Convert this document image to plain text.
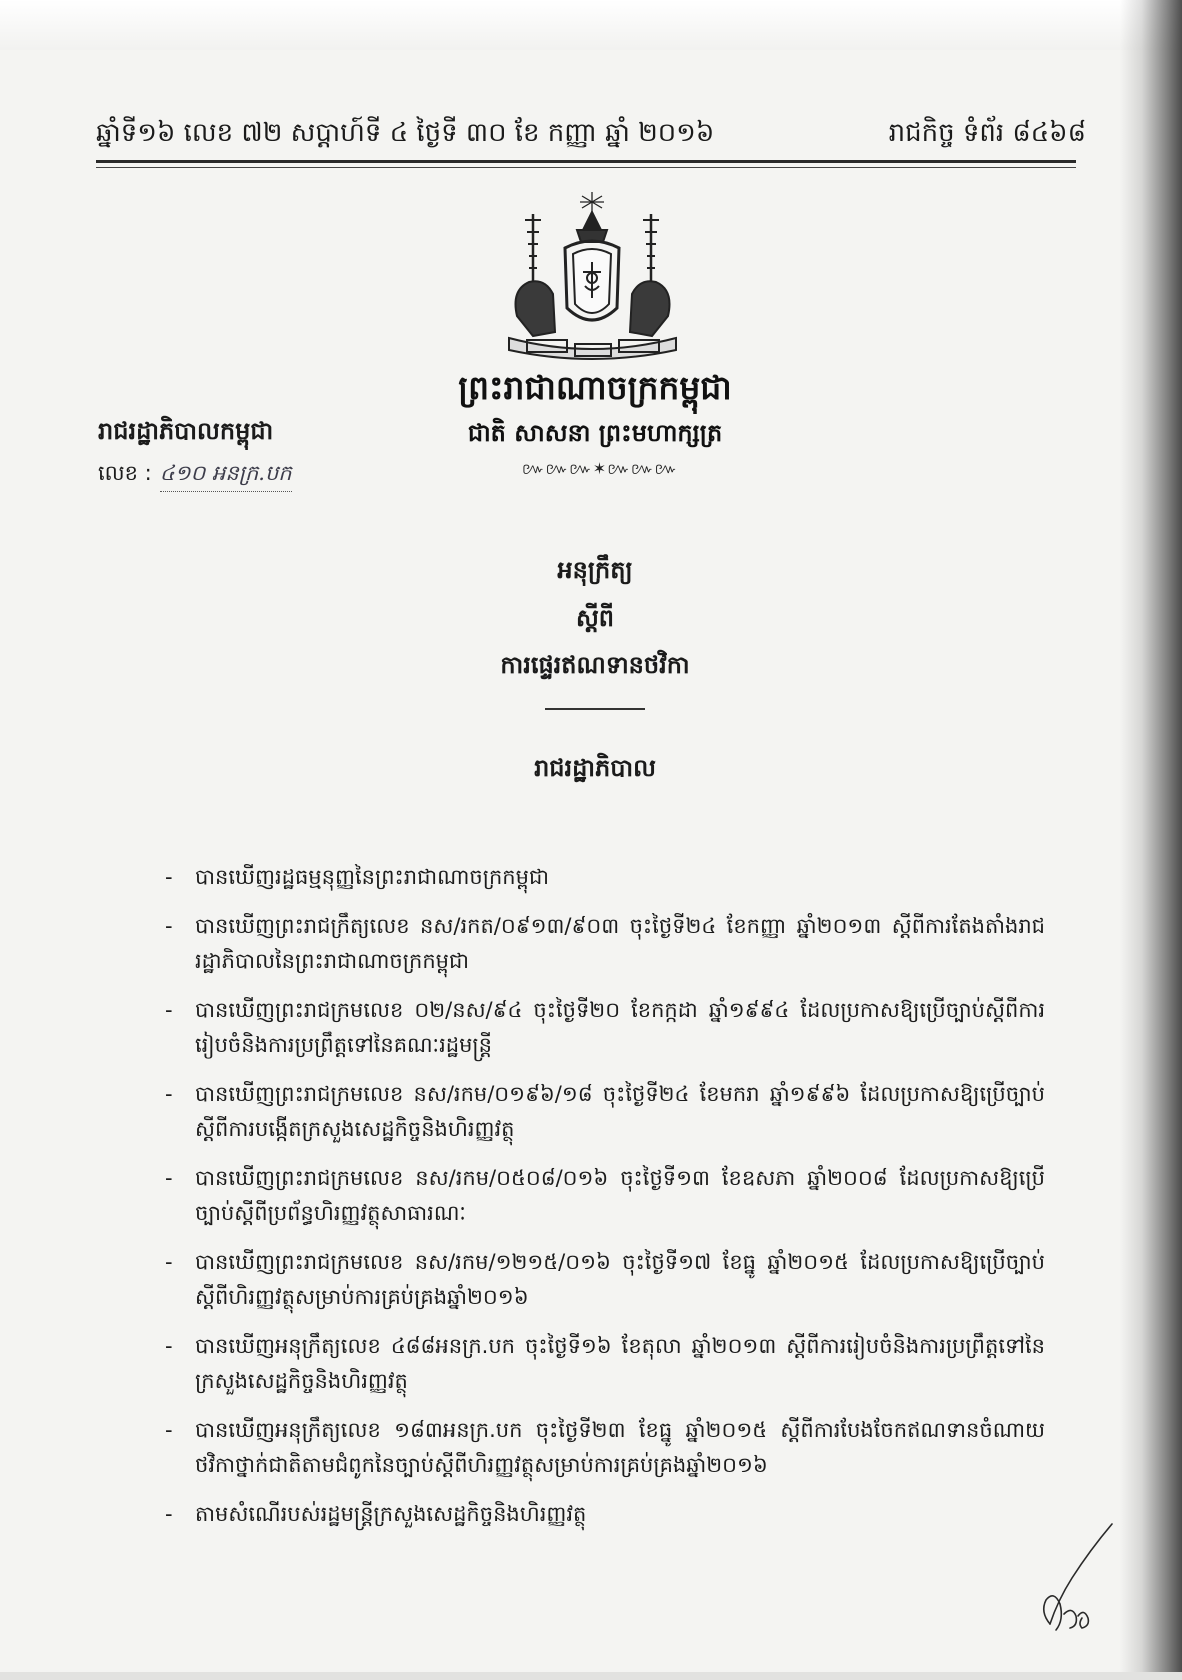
ឆ្នាំទី១៦ លេខ ៧២ សប្តាហ៍ទី ៤ ថ្ងៃទី ៣០ ខែ កញ្ញា ឆ្នាំ ២០១៦	រាជកិច្ច ទំព័រ ៨៤៦៨
ព្រះរាជាណាចក្រកម្ពុជា
ជាតិ សាសនា ព្រះមហាក្សត្រ
៚៚៚✶៚៚៚
រាជរដ្ឋាភិបាលកម្ពុជា
លេខ : ៤១០ អនក្រ.បក
អនុក្រឹត្យ
ស្តីពី
ការផ្ទេរឥណទានថវិកា
រាជរដ្ឋាភិបាល
- បានឃើញរដ្ឋធម្មនុញ្ញនៃព្រះរាជាណាចក្រកម្ពុជា
- បានឃើញព្រះរាជក្រឹត្យលេខ នស/រកត/០៩១៣/៩០៣ ចុះថ្ងៃទី២៤ ខែកញ្ញា ឆ្នាំ២០១៣ ស្តីពីការតែងតាំងរាជរដ្ឋាភិបាលនៃព្រះរាជាណាចក្រកម្ពុជា
- បានឃើញព្រះរាជក្រមលេខ ០២/នស/៩៤ ចុះថ្ងៃទី២០ ខែកក្កដា ឆ្នាំ១៩៩៤ ដែលប្រកាសឱ្យប្រើច្បាប់ស្តីពីការរៀបចំនិងការប្រព្រឹត្តទៅនៃគណៈរដ្ឋមន្ត្រី
- បានឃើញព្រះរាជក្រមលេខ នស/រកម/០១៩៦/១៨ ចុះថ្ងៃទី២៤ ខែមករា ឆ្នាំ១៩៩៦ ដែលប្រកាសឱ្យប្រើច្បាប់ស្តីពីការបង្កើតក្រសួងសេដ្ឋកិច្ចនិងហិរញ្ញវត្ថុ
- បានឃើញព្រះរាជក្រមលេខ នស/រកម/០៥០៨/០១៦ ចុះថ្ងៃទី១៣ ខែឧសភា ឆ្នាំ២០០៨ ដែលប្រកាសឱ្យប្រើច្បាប់ស្តីពីប្រព័ន្ធហិរញ្ញវត្ថុសាធារណៈ
- បានឃើញព្រះរាជក្រមលេខ នស/រកម/១២១៥/០១៦ ចុះថ្ងៃទី១៧ ខែធ្នូ ឆ្នាំ២០១៥ ដែលប្រកាសឱ្យប្រើច្បាប់ស្តីពីហិរញ្ញវត្ថុសម្រាប់ការគ្រប់គ្រងឆ្នាំ២០១៦
- បានឃើញអនុក្រឹត្យលេខ ៤៨៨អនក្រ.បក ចុះថ្ងៃទី១៦ ខែតុលា ឆ្នាំ២០១៣ ស្តីពីការរៀបចំនិងការប្រព្រឹត្តទៅនៃក្រសួងសេដ្ឋកិច្ចនិងហិរញ្ញវត្ថុ
- បានឃើញអនុក្រឹត្យលេខ ១៨៣អនក្រ.បក ចុះថ្ងៃទី២៣ ខែធ្នូ ឆ្នាំ២០១៥ ស្តីពីការបែងចែកឥណទានចំណាយថវិកាថ្នាក់ជាតិតាមជំពូកនៃច្បាប់ស្តីពីហិរញ្ញវត្ថុសម្រាប់ការគ្រប់គ្រងឆ្នាំ២០១៦
- តាមសំណើរបស់រដ្ឋមន្ត្រីក្រសួងសេដ្ឋកិច្ចនិងហិរញ្ញវត្ថុ
